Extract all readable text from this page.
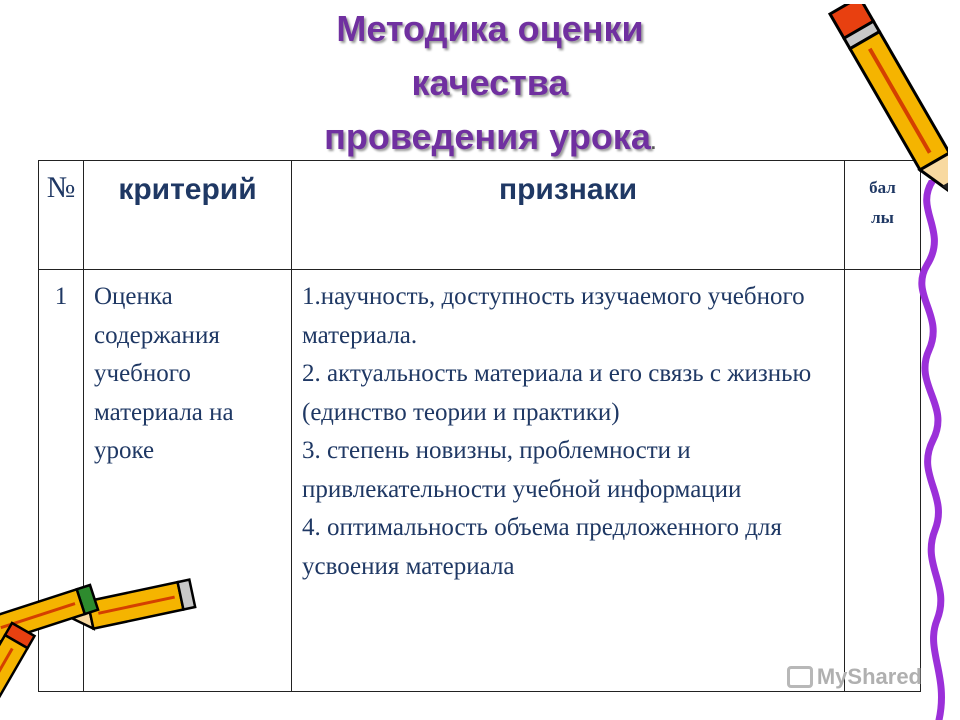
Методика оценки
качества
проведения урока.
№	критерий	признаки	бал
лы

1	Оценка содержания учебного материала на уроке	1.научность, доступность изучаемого учебного материала.
2. актуальность материала и его связь с жизнью (единство теории и практики)
3. степень новизны, проблемности и привлекательности учебной информации
4. оптимальность объема предложенного для усвоения материала	

MyShared
